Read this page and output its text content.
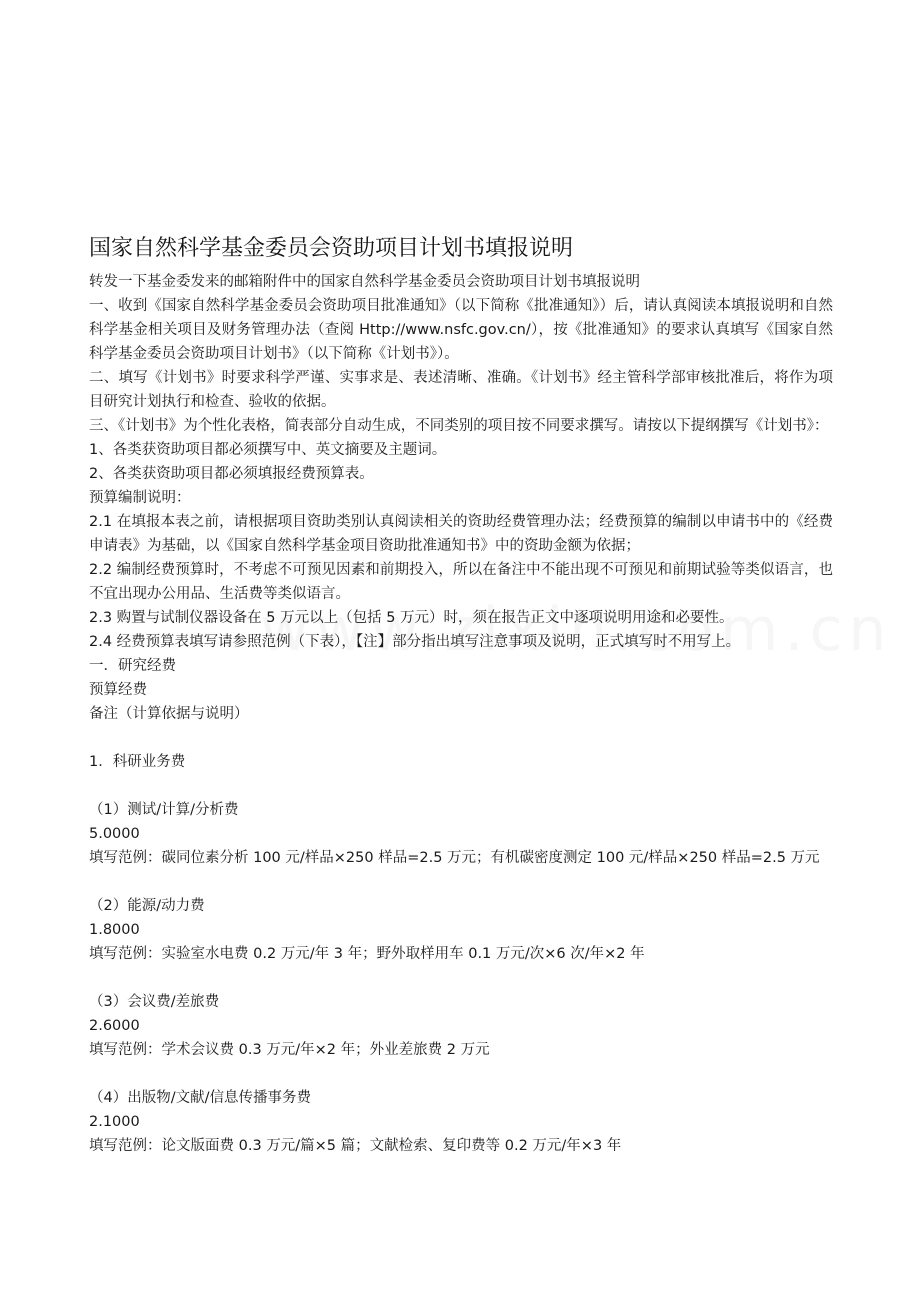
国家自然科学基金委员会资助项目计划书填报说明

转发一下基金委发来的邮箱附件中的国家自然科学基金委员会资助项目计划书填报说明

一、收到《国家自然科学基金委员会资助项目批准通知》（以下简称《批准通知》）后，请认真阅读本填报说明和自然科学基金相关项目及财务管理办法（查阅 Http://www.nsfc.gov.cn/），按《批准通知》的要求认真填写《国家自然科学基金委员会资助项目计划书》（以下简称《计划书》）。

二、填写《计划书》时要求科学严谨、实事求是、表述清晰、准确。《计划书》经主管科学部审核批准后，将作为项目研究计划执行和检查、验收的依据。

三、《计划书》为个性化表格，简表部分自动生成，不同类别的项目按不同要求撰写。请按以下提纲撰写《计划书》：

1、各类获资助项目都必须撰写中、英文摘要及主题词。

2、各类获资助项目都必须填报经费预算表。

预算编制说明：

2.1 在填报本表之前，请根据项目资助类别认真阅读相关的资助经费管理办法；经费预算的编制以申请书中的《经费申请表》为基础，以《国家自然科学基金项目资助批准通知书》中的资助金额为依据；

2.2 编制经费预算时，不考虑不可预见因素和前期投入，所以在备注中不能出现不可预见和前期试验等类似语言，也不宜出现办公用品、生活费等类似语言。

2.3 购置与试制仪器设备在 5 万元以上（包括 5 万元）时，须在报告正文中逐项说明用途和必要性。

2.4 经费预算表填写请参照范例（下表），【注】部分指出填写注意事项及说明，正式填写时不用写上。

一．研究经费

预算经费

备注（计算依据与说明）

1．科研业务费

（1）测试/计算/分析费

5.0000

填写范例：碳同位素分析 100 元/样品×250 样品=2.5 万元；有机碳密度测定 100 元/样品×250 样品=2.5 万元

（2）能源/动力费

1.8000

填写范例：实验室水电费 0.2 万元/年 3 年；野外取样用车 0.1 万元/次×6 次/年×2 年

（3）会议费/差旅费

2.6000

填写范例：学术会议费 0.3 万元/年×2 年；外业差旅费 2 万元

（4）出版物/文献/信息传播事务费

2.1000

填写范例：论文版面费 0.3 万元/篇×5 篇；文献检索、复印费等 0.2 万元/年×3 年
